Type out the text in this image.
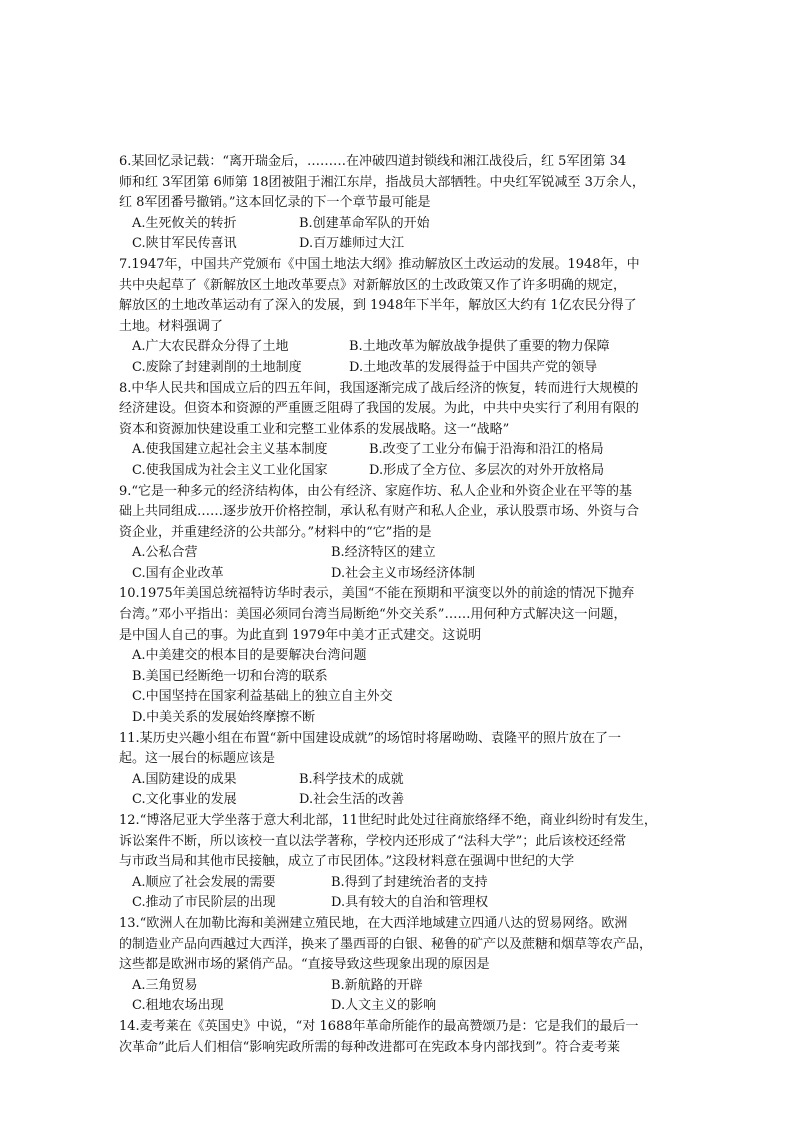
6.某回忆录记载：“离开瑞金后，………在冲破四道封锁线和湘江战役后，红 5军团第 34
师和红 3军团第 6师第 18团被阻于湘江东岸，指战员大部牺牲。中央红军锐减至 3万余人，
红 8军团番号撤销。”这本回忆录的下一个章节最可能是
A.生死攸关的转折	B.创建革命军队的开始
C.陕甘军民传喜讯	D.百万雄师过大江
7.1947年，中国共产党颁布《中国土地法大纲》推动解放区土改运动的发展。1948年，中
共中央起草了《新解放区土地改革要点》对新解放区的土改政策又作了许多明确的规定，
解放区的土地改革运动有了深入的发展，到 1948年下半年，解放区大约有 1亿农民分得了
土地。材料强调了
A.广大农民群众分得了土地	B.土地改革为解放战争提供了重要的物力保障
C.废除了封建剥削的土地制度	D.土地改革的发展得益于中国共产党的领导
8.中华人民共和国成立后的四五年间，我国逐渐完成了战后经济的恢复，转而进行大规模的
经济建设。但资本和资源的严重匮乏阻碍了我国的发展。为此，中共中央实行了利用有限的
资本和资源加快建设重工业和完整工业体系的发展战略。这一“战略”
A.使我国建立起社会主义基本制度	B.改变了工业分布偏于沿海和沿江的格局
C.使我国成为社会主义工业化国家	D.形成了全方位、多层次的对外开放格局
9.“它是一种多元的经济结构体，由公有经济、家庭作坊、私人企业和外资企业在平等的基
础上共同组成……逐步放开价格控制，承认私有财产和私人企业，承认股票市场、外资与合
资企业，并重建经济的公共部分。”材料中的“它”指的是
A.公私合营	B.经济特区的建立
C.国有企业改革	D.社会主义市场经济体制
10.1975年美国总统福特访华时表示，美国“不能在预期和平演变以外的前途的情况下抛弃
台湾。”邓小平指出：美国必须同台湾当局断绝“外交关系”……用何种方式解决这一问题，
是中国人自己的事。为此直到 1979年中美才正式建交。这说明
A.中美建交的根本目的是要解决台湾问题
B.美国已经断绝一切和台湾的联系
C.中国坚持在国家利益基础上的独立自主外交
D.中美关系的发展始终摩擦不断
11.某历史兴趣小组在布置“新中国建设成就”的场馆时将屠呦呦、袁隆平的照片放在了一
起。这一展台的标题应该是
A.国防建设的成果	B.科学技术的成就
C.文化事业的发展	D.社会生活的改善
12.“博洛尼亚大学坐落于意大利北部，11世纪时此处过往商旅络绎不绝，商业纠纷时有发生，
诉讼案件不断，所以该校一直以法学著称，学校内还形成了“法科大学”；此后该校还经常
与市政当局和其他市民接触，成立了市民团体。”这段材料意在强调中世纪的大学
A.顺应了社会发展的需要	B.得到了封建统治者的支持
C.推动了市民阶层的出现	D.具有较大的自治和管理权
13.“欧洲人在加勒比海和美洲建立殖民地，在大西洋地域建立四通八达的贸易网络。欧洲
的制造业产品向西越过大西洋，换来了墨西哥的白银、秘鲁的矿产以及蔗糖和烟草等农产品，
这些都是欧洲市场的紧俏产品。“直接导致这些现象出现的原因是
A.三角贸易	B.新航路的开辟
C.租地农场出现	D.人文主义的影响
14.麦考莱在《英国史》中说，“对 1688年革命所能作的最高赞颂乃是：它是我们的最后一
次革命”此后人们相信“影响宪政所需的每种改进都可在宪政本身内部找到”。符合麦考莱
